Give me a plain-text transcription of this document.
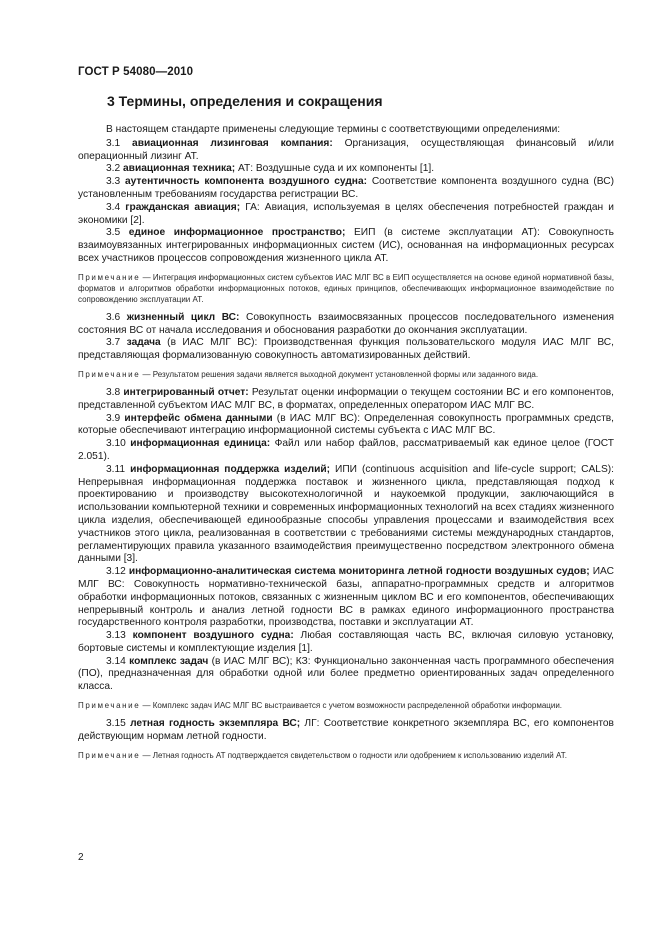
ГОСТ Р 54080—2010
3 Термины, определения и сокращения

В настоящем стандарте применены следующие термины с соответствующими определениями:

3.1 авиационная лизинговая компания: Организация, осуществляющая финансовый и/или операционный лизинг АТ.

3.2 авиационная техника; АТ: Воздушные суда и их компоненты [1].

3.3 аутентичность компонента воздушного судна: Соответствие компонента воздушного судна (ВС) установленным требованиям государства регистрации ВС.

3.4 гражданская авиация; ГА: Авиация, используемая в целях обеспечения потребностей граждан и экономики [2].

3.5 единое информационное пространство; ЕИП (в системе эксплуатации АТ): Совокупность взаимоувязанных интегрированных информационных систем (ИС), основанная на информационных ресурсах всех участников процессов сопровождения жизненного цикла АТ.

Примечание — Интеграция информационных систем субъектов ИАС МЛГ ВС в ЕИП осуществляется на основе единой нормативной базы, форматов и алгоритмов обработки информационных потоков, единых принципов, обеспечивающих информационное взаимодействие по сопровождению эксплуатации АТ.

3.6 жизненный цикл ВС: Совокупность взаимосвязанных процессов последовательного изменения состояния ВС от начала исследования и обоснования разработки до окончания эксплуатации.

3.7 задача (в ИАС МЛГ ВС): Производственная функция пользовательского модуля ИАС МЛГ ВС, представляющая формализованную совокупность автоматизированных действий.

Примечание — Результатом решения задачи является выходной документ установленной формы или заданного вида.

3.8 интегрированный отчет: Результат оценки информации о текущем состоянии ВС и его компонентов, представленной субъектом ИАС МЛГ ВС, в форматах, определенных оператором ИАС МЛГ ВС.

3.9 интерфейс обмена данными (в ИАС МЛГ ВС): Определенная совокупность программных средств, которые обеспечивают интеграцию информационной системы субъекта с ИАС МЛГ ВС.

3.10 информационная единица: Файл или набор файлов, рассматриваемый как единое целое (ГОСТ 2.051).

3.11 информационная поддержка изделий; ИПИ (continuous acquisition and life-cycle support; CALS): Непрерывная информационная поддержка поставок и жизненного цикла, представляющая подход к проектированию и производству высокотехнологичной и наукоемкой продукции, заключающийся в использовании компьютерной техники и современных информационных технологий на всех стадиях жизненного цикла изделия, обеспечивающей единообразные способы управления процессами и взаимодействия всех участников этого цикла, реализованная в соответствии с требованиями системы международных стандартов, регламентирующих правила указанного взаимодействия преимущественно посредством электронного обмена данными [3].

3.12 информационно-аналитическая система мониторинга летной годности воздушных судов; ИАС МЛГ ВС: Совокупность нормативно-технической базы, аппаратно-программных средств и алгоритмов обработки информационных потоков, связанных с жизненным циклом ВС и его компонентов, обеспечивающих непрерывный контроль и анализ летной годности ВС в рамках единого информационного пространства государственного контроля разработки, производства, поставки и эксплуатации АТ.

3.13 компонент воздушного судна: Любая составляющая часть ВС, включая силовую установку, бортовые системы и комплектующие изделия [1].

3.14 комплекс задач (в ИАС МЛГ ВС); КЗ: Функционально законченная часть программного обеспечения (ПО), предназначенная для обработки одной или более предметно ориентированных задач определенного класса.

Примечание — Комплекс задач ИАС МЛГ ВС выстраивается с учетом возможности распределенной обработки информации.

3.15 летная годность экземпляра ВС; ЛГ: Соответствие конкретного экземпляра ВС, его компонентов действующим нормам летной годности.

Примечание — Летная годность АТ подтверждается свидетельством о годности или одобрением к использованию изделий АТ.

2
